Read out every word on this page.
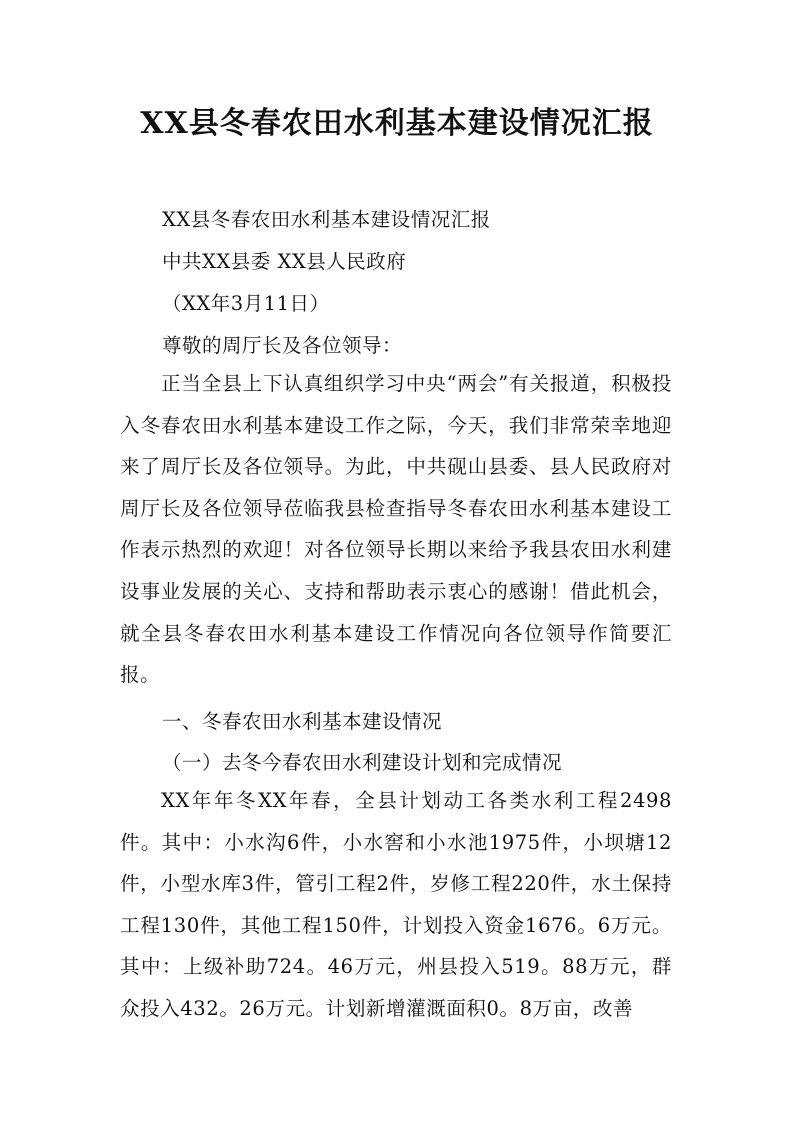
XX县冬春农田水利基本建设情况汇报

XX县冬春农田水利基本建设情况汇报

中共XX县委 XX县人民政府

（XX年3月11日）

尊敬的周厅长及各位领导：

正当全县上下认真组织学习中央“两会”有关报道，积极投入冬春农田水利基本建设工作之际，今天，我们非常荣幸地迎来了周厅长及各位领导。为此，中共砚山县委、县人民政府对周厅长及各位领导莅临我县检查指导冬春农田水利基本建设工作表示热烈的欢迎！对各位领导长期以来给予我县农田水利建设事业发展的关心、支持和帮助表示衷心的感谢！借此机会，就全县冬春农田水利基本建设工作情况向各位领导作简要汇报。

一、冬春农田水利基本建设情况

（一）去冬今春农田水利建设计划和完成情况

XX年年冬XX年春，全县计划动工各类水利工程2498件。其中：小水沟6件，小水窖和小水池1975件，小坝塘12件，小型水库3件，管引工程2件，岁修工程220件，水土保持工程130件，其他工程150件，计划投入资金1676。6万元。其中：上级补助724。46万元，州县投入519。88万元，群众投入432。26万元。计划新增灌溉面积0。8万亩，改善
